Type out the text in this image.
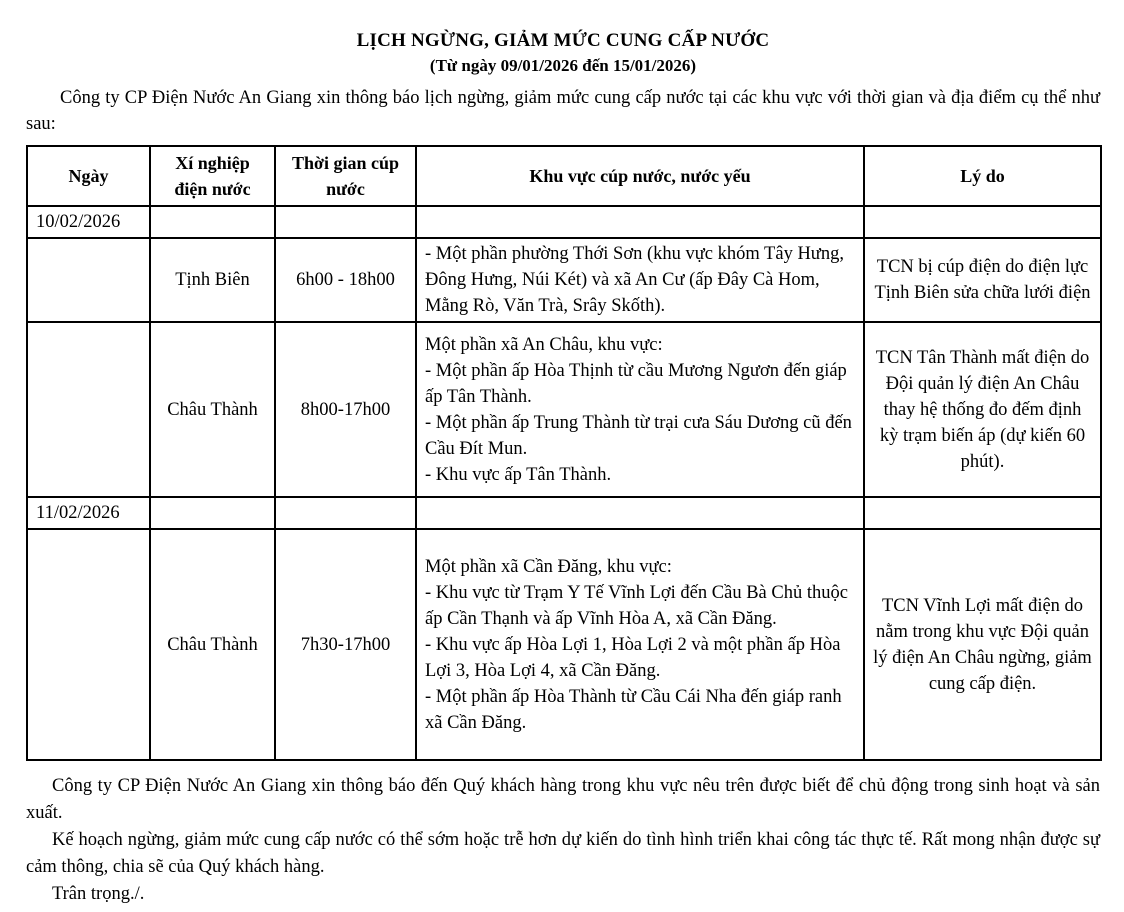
LỊCH NGỪNG, GIẢM MỨC CUNG CẤP NƯỚC
(Từ ngày 09/01/2026 đến 15/01/2026)

Công ty CP Điện Nước An Giang xin thông báo lịch ngừng, giảm mức cung cấp nước tại các khu vực với thời gian và địa điểm cụ thể như sau:

Ngày	Xí nghiệp điện nước	Thời gian cúp nước	Khu vực cúp nước, nước yếu	Lý do
10/02/2026				
	Tịnh Biên	6h00 - 18h00	- Một phần phường Thới Sơn (khu vực khóm Tây Hưng, Đông Hưng, Núi Két) và xã An Cư (ấp Đây Cà Hom, Mằng Rò, Văn Trà, Srây Skốth).	TCN bị cúp điện do điện lực Tịnh Biên sửa chữa lưới điện
	Châu Thành	8h00-17h00	Một phần xã An Châu, khu vực:
- Một phần ấp Hòa Thịnh từ cầu Mương Ngươn đến giáp ấp Tân Thành.
- Một phần ấp Trung Thành từ trại cưa Sáu Dương cũ đến Cầu Đít Mun.
- Khu vực ấp Tân Thành.	TCN Tân Thành mất điện do Đội quản lý điện An Châu thay hệ thống đo đếm định kỳ trạm biến áp (dự kiến 60 phút).
11/02/2026				
	Châu Thành	7h30-17h00	Một phần xã Cần Đăng, khu vực:
- Khu vực từ Trạm Y Tế Vĩnh Lợi đến Cầu Bà Chủ thuộc ấp Cần Thạnh và ấp Vĩnh Hòa A, xã Cần Đăng.
- Khu vực ấp Hòa Lợi 1, Hòa Lợi 2 và một phần ấp Hòa Lợi 3, Hòa Lợi 4, xã Cần Đăng.
- Một phần ấp Hòa Thành từ Cầu Cái Nha đến giáp ranh xã Cần Đăng.	TCN Vĩnh Lợi mất điện do nằm trong khu vực Đội quản lý điện An Châu ngừng, giảm cung cấp điện.

Công ty CP Điện Nước An Giang xin thông báo đến Quý khách hàng trong khu vực nêu trên được biết để chủ động trong sinh hoạt và sản xuất.

Kế hoạch ngừng, giảm mức cung cấp nước có thể sớm hoặc trễ hơn dự kiến do tình hình triển khai công tác thực tế. Rất mong nhận được sự cảm thông, chia sẽ của Quý khách hàng.

Trân trọng./.
